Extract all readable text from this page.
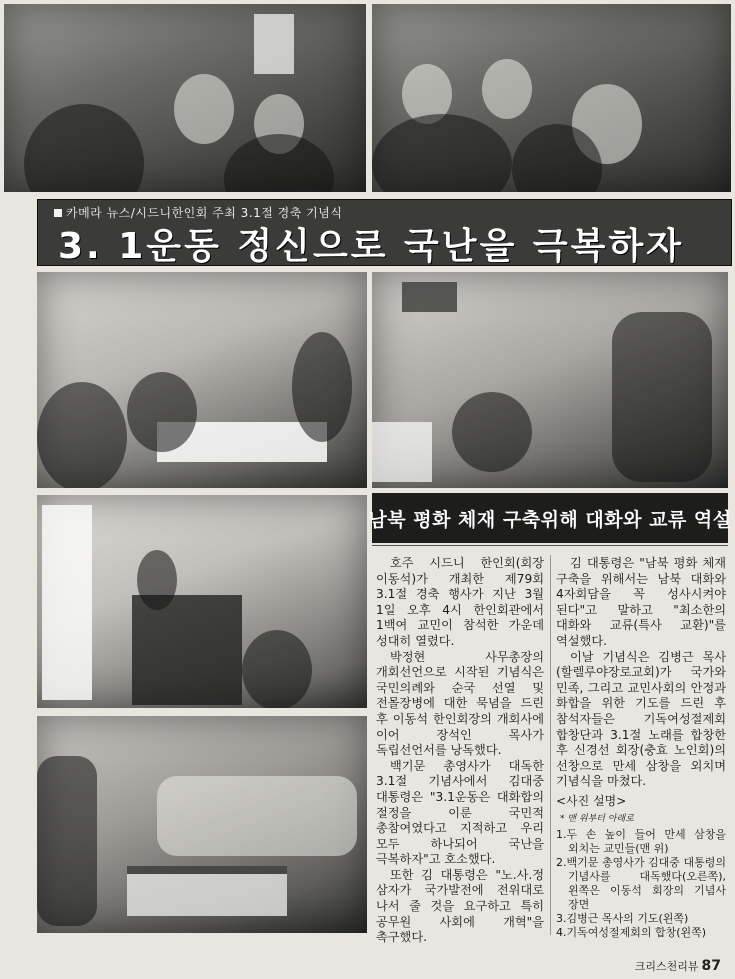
카메라 뉴스/시드니한인회 주최 3.1절 경축 기념식
3. 1운동 정신으로 국난을 극복하자
남북 평화 체재 구축위해 대화와 교류 역설

호주 시드니 한인회(회장 이동석)가 개최한 제79회 3.1절 경축 행사가 지난 3월 1일 오후 4시 한인회관에서 1백여 교민이 참석한 가운데 성대히 열렸다.

박정현 사무총장의 개회선언으로 시작된 기념식은 국민의례와 순국 선열 및 전몰장병에 대한 묵념을 드린 후 이동석 한인회장의 개회사에 이어 장석인 목사가 독립선언서를 낭독했다.

백기문 총영사가 대독한 3.1절 기념사에서 김대중 대통령은 "3.1운동은 대화합의 절정을 이룬 국민적 총참여였다고 지적하고 우리 모두 하나되어 국난을 극복하자"고 호소했다.

또한 김 대통령은 "노.사.정 삼자가 국가발전에 전위대로 나서 줄 것을 요구하고 특히 공무원 사회에 개혁"을 촉구했다.

김 대통령은 "남북 평화 체재 구축을 위해서는 남북 대화와 4자회담을 꼭 성사시켜야 된다"고 말하고 "최소한의 대화와 교류(특사 교환)"를 역설했다.

이날 기념식은 김병근 목사(할렐루야장로교회)가 국가와 민족, 그리고 교민사회의 안정과 화합을 위한 기도를 드린 후 참석자들은 기독여성절제회 합창단과 3.1절 노래를 합창한 후 신경선 회장(충효 노인회)의 선창으로 만세 삼창을 외치며 기념식을 마쳤다.

<사진 설명>
* 맨 위부터 아래로
1.두 손 높이 들어 만세 삼창을 외치는 교민들(맨 위)
2.백기문 총영사가 김대중 대통령의 기념사를 대독했다(오른쪽), 왼쪽은 이동석 회장의 기념사 장면
3.김병근 목사의 기도(왼쪽)
4.기독여성절제회의 합창(왼쪽)
크리스천리뷰 87
